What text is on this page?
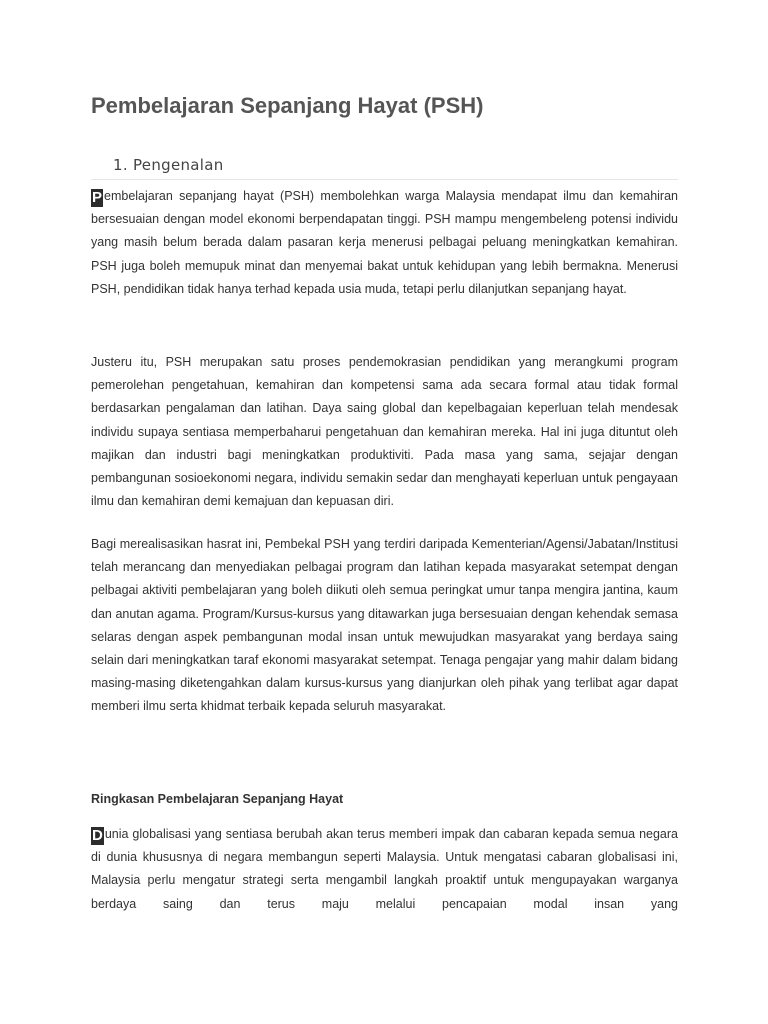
Pembelajaran Sepanjang Hayat (PSH)
1. Pengenalan

P embelajaran sepanjang hayat (PSH) membolehkan warga Malaysia mendapat ilmu dan kemahiran bersesuaian dengan model ekonomi berpendapatan tinggi. PSH mampu mengembeleng potensi individu yang masih belum berada dalam pasaran kerja menerusi pelbagai peluang meningkatkan kemahiran. PSH juga boleh memupuk minat dan menyemai bakat untuk kehidupan yang lebih bermakna. Menerusi PSH, pendidikan tidak hanya terhad kepada usia muda, tetapi perlu dilanjutkan sepanjang hayat.

Justeru itu, PSH merupakan satu proses pendemokrasian pendidikan yang merangkumi program pemerolehan pengetahuan, kemahiran dan kompetensi sama ada secara formal atau tidak formal berdasarkan pengalaman dan latihan. Daya saing global dan kepelbagaian keperluan telah mendesak individu supaya sentiasa memperbaharui pengetahuan dan kemahiran mereka. Hal ini juga dituntut oleh majikan dan industri bagi meningkatkan produktiviti. Pada masa yang sama, sejajar dengan pembangunan sosioekonomi negara, individu semakin sedar dan menghayati keperluan untuk pengayaan ilmu dan kemahiran demi kemajuan dan kepuasan diri.

Bagi merealisasikan hasrat ini, Pembekal PSH yang terdiri daripada Kementerian/Agensi/Jabatan/Institusi telah merancang dan menyediakan pelbagai program dan latihan kepada masyarakat setempat dengan pelbagai aktiviti pembelajaran yang boleh diikuti oleh semua peringkat umur tanpa mengira jantina, kaum dan anutan agama. Program/Kursus-kursus yang ditawarkan juga bersesuaian dengan kehendak semasa selaras dengan aspek pembangunan modal insan untuk mewujudkan masyarakat yang berdaya saing selain dari meningkatkan taraf ekonomi masyarakat setempat. Tenaga pengajar yang mahir dalam bidang masing-masing diketengahkan dalam kursus-kursus yang dianjurkan oleh pihak yang terlibat agar dapat memberi ilmu serta khidmat terbaik kepada seluruh masyarakat.

Ringkasan Pembelajaran Sepanjang Hayat

D unia globalisasi yang sentiasa berubah akan terus memberi impak dan cabaran kepada semua negara di dunia khususnya di negara membangun seperti Malaysia. Untuk mengatasi cabaran globalisasi ini, Malaysia perlu mengatur strategi serta mengambil langkah proaktif untuk mengupayakan warganya berdaya saing dan terus maju melalui pencapaian modal insan yang
